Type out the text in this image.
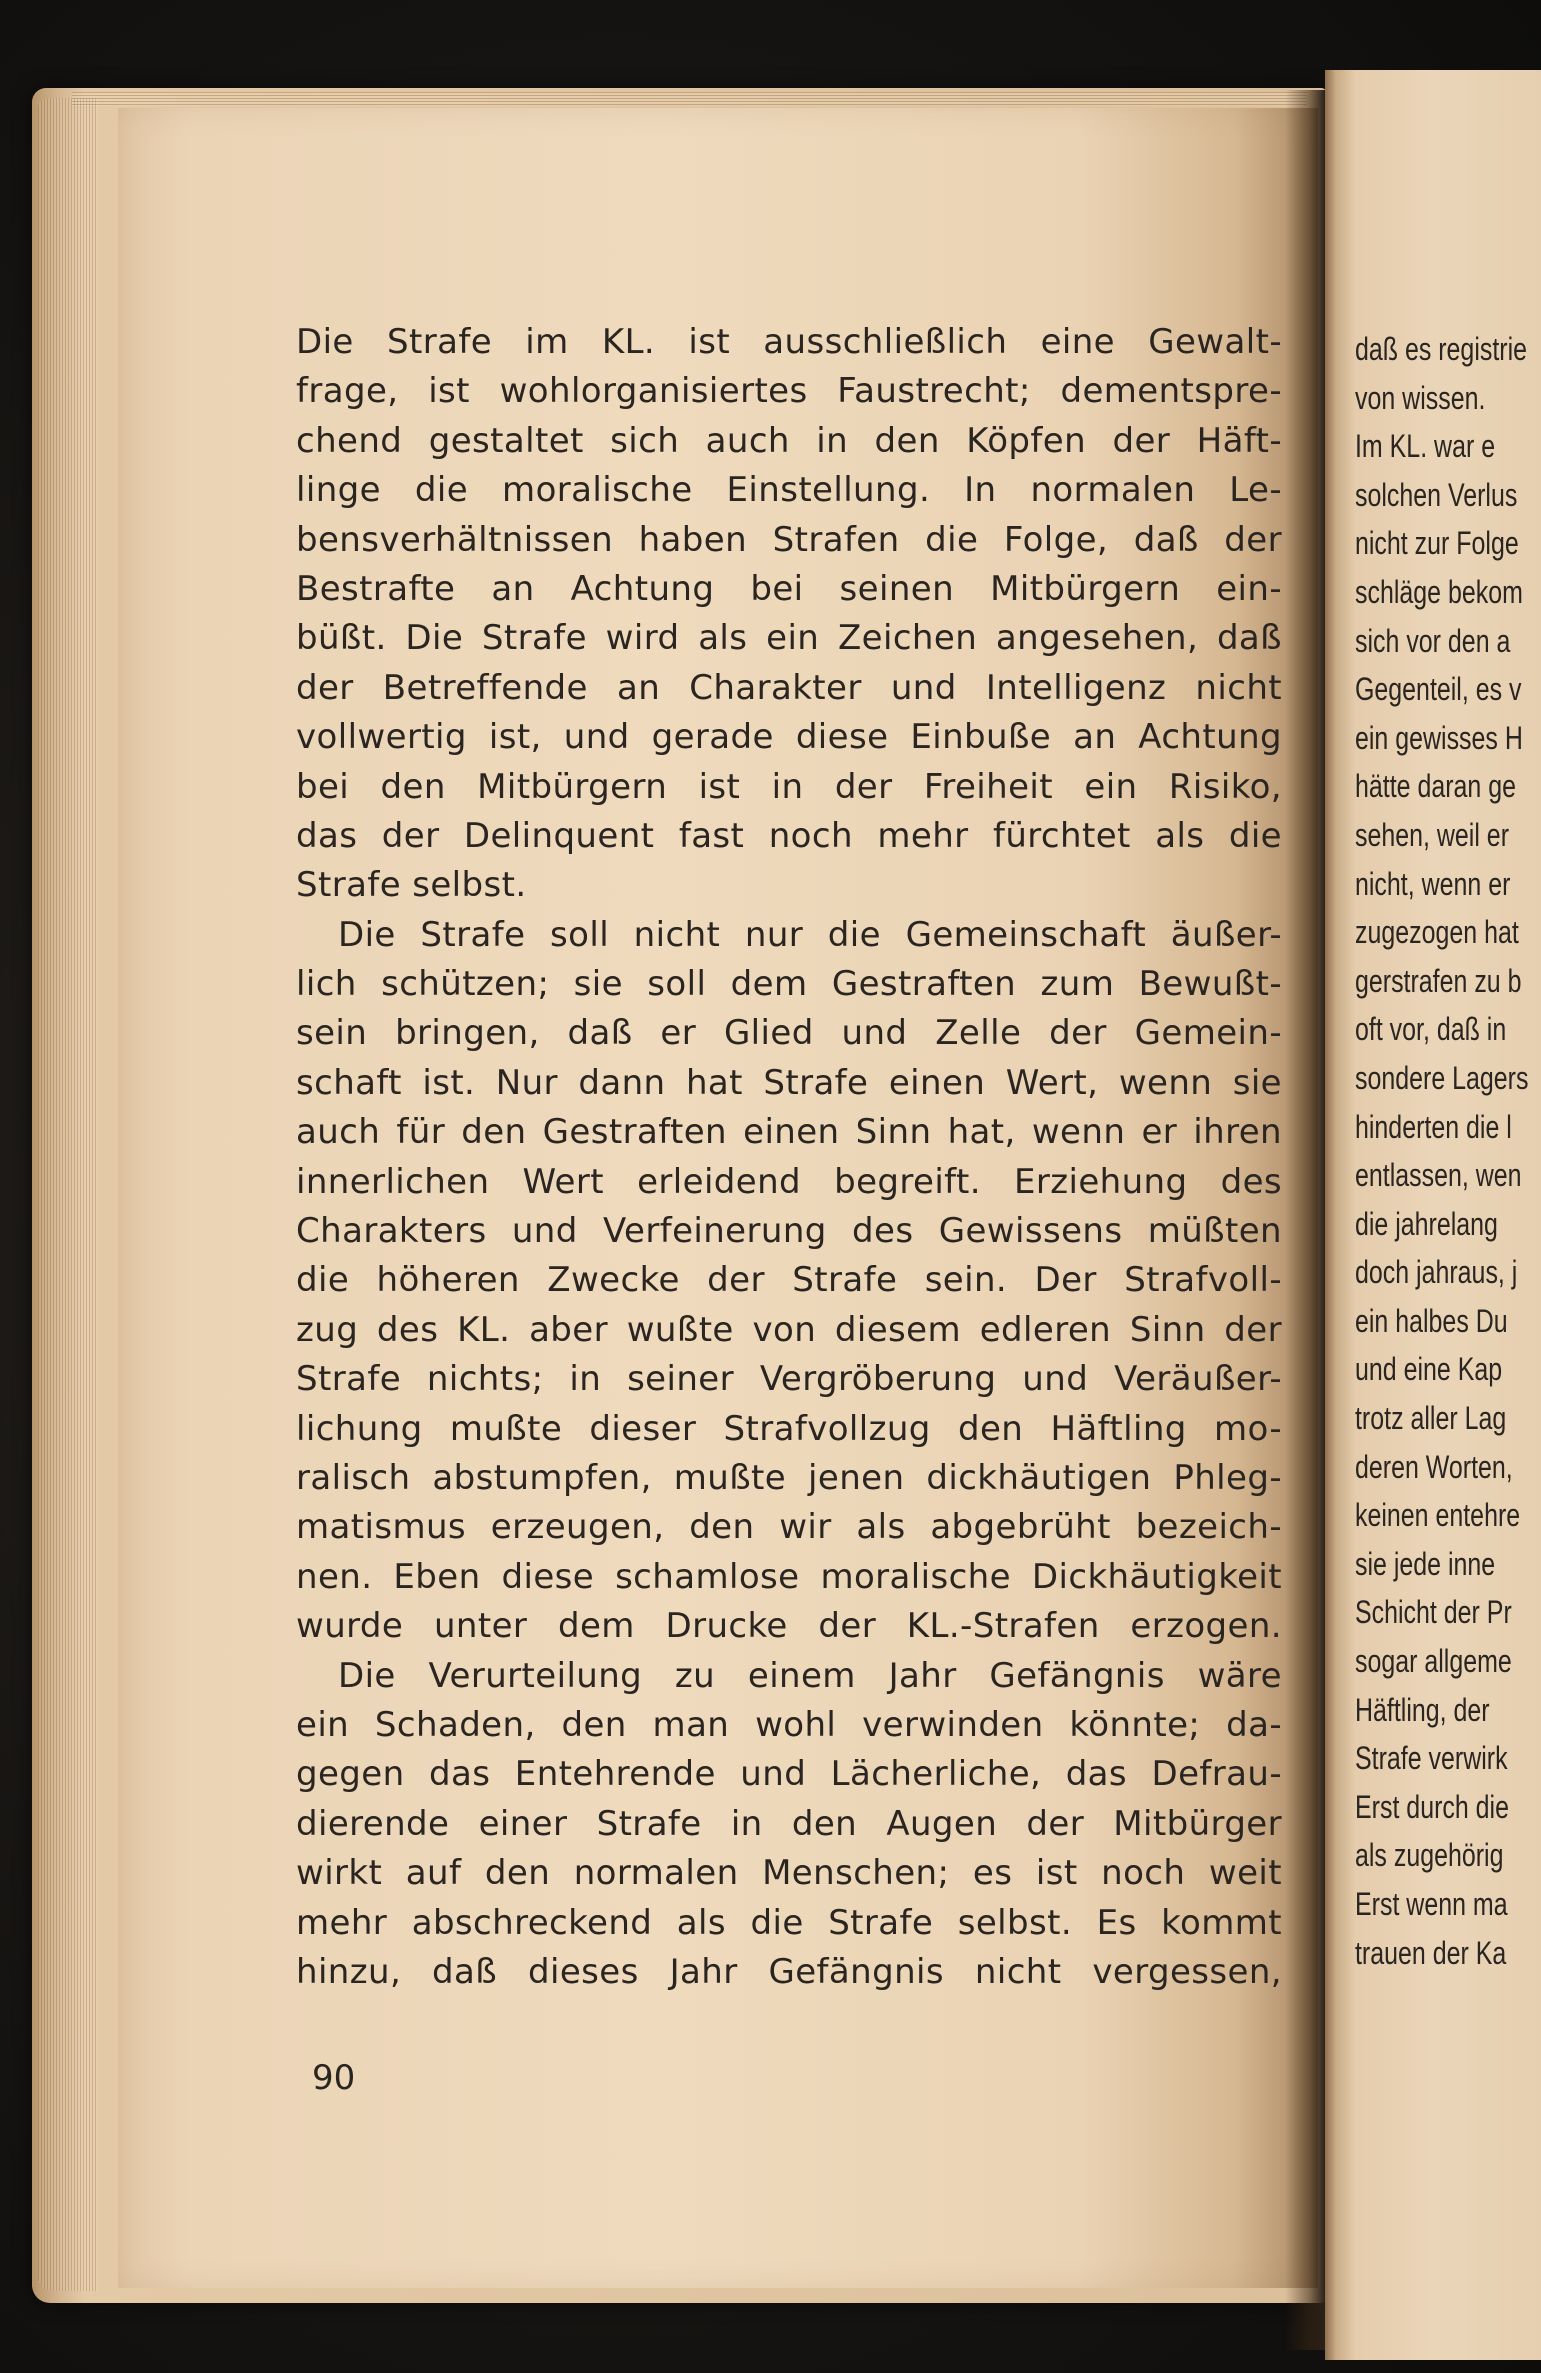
Die Strafe im KL. ist ausschließlich eine Gewalt-
frage, ist wohlorganisiertes Faustrecht; dementspre-
chend gestaltet sich auch in den Köpfen der Häft-
linge die moralische Einstellung. In normalen Le-
bensverhältnissen haben Strafen die Folge, daß der
Bestrafte an Achtung bei seinen Mitbürgern ein-
büßt. Die Strafe wird als ein Zeichen angesehen, daß
der Betreffende an Charakter und Intelligenz nicht
vollwertig ist, und gerade diese Einbuße an Achtung
bei den Mitbürgern ist in der Freiheit ein Risiko,
das der Delinquent fast noch mehr fürchtet als die
Strafe selbst.
Die Strafe soll nicht nur die Gemeinschaft äußer-
lich schützen; sie soll dem Gestraften zum Bewußt-
sein bringen, daß er Glied und Zelle der Gemein-
schaft ist. Nur dann hat Strafe einen Wert, wenn sie
auch für den Gestraften einen Sinn hat, wenn er ihren
innerlichen Wert erleidend begreift. Erziehung des
Charakters und Verfeinerung des Gewissens müßten
die höheren Zwecke der Strafe sein. Der Strafvoll-
zug des KL. aber wußte von diesem edleren Sinn der
Strafe nichts; in seiner Vergröberung und Veräußer-
lichung mußte dieser Strafvollzug den Häftling mo-
ralisch abstumpfen, mußte jenen dickhäutigen Phleg-
matismus erzeugen, den wir als abgebrüht bezeich-
nen. Eben diese schamlose moralische Dickhäutigkeit
wurde unter dem Drucke der KL.-Strafen erzogen.
Die Verurteilung zu einem Jahr Gefängnis wäre
ein Schaden, den man wohl verwinden könnte; da-
gegen das Entehrende und Lächerliche, das Defrau-
dierende einer Strafe in den Augen der Mitbürger
wirkt auf den normalen Menschen; es ist noch weit
mehr abschreckend als die Strafe selbst. Es kommt
hinzu, daß dieses Jahr Gefängnis nicht vergessen,
90
daß es registrie
von wissen.
Im KL. war e
solchen Verlus
nicht zur Folge
schläge bekom
sich vor den a
Gegenteil, es v
ein gewisses H
hätte daran ge
sehen, weil er
nicht, wenn er
zugezogen hat
gerstrafen zu b
oft vor, daß in
sondere Lagers
hinderten die l
entlassen, wen
die jahrelang
doch jahraus, j
ein halbes Du
und eine Kap
trotz aller Lag
deren Worten,
keinen entehre
sie jede inne
Schicht der Pr
sogar allgeme
Häftling, der
Strafe verwirk
Erst durch die
als zugehörig
Erst wenn ma
trauen der Ka
